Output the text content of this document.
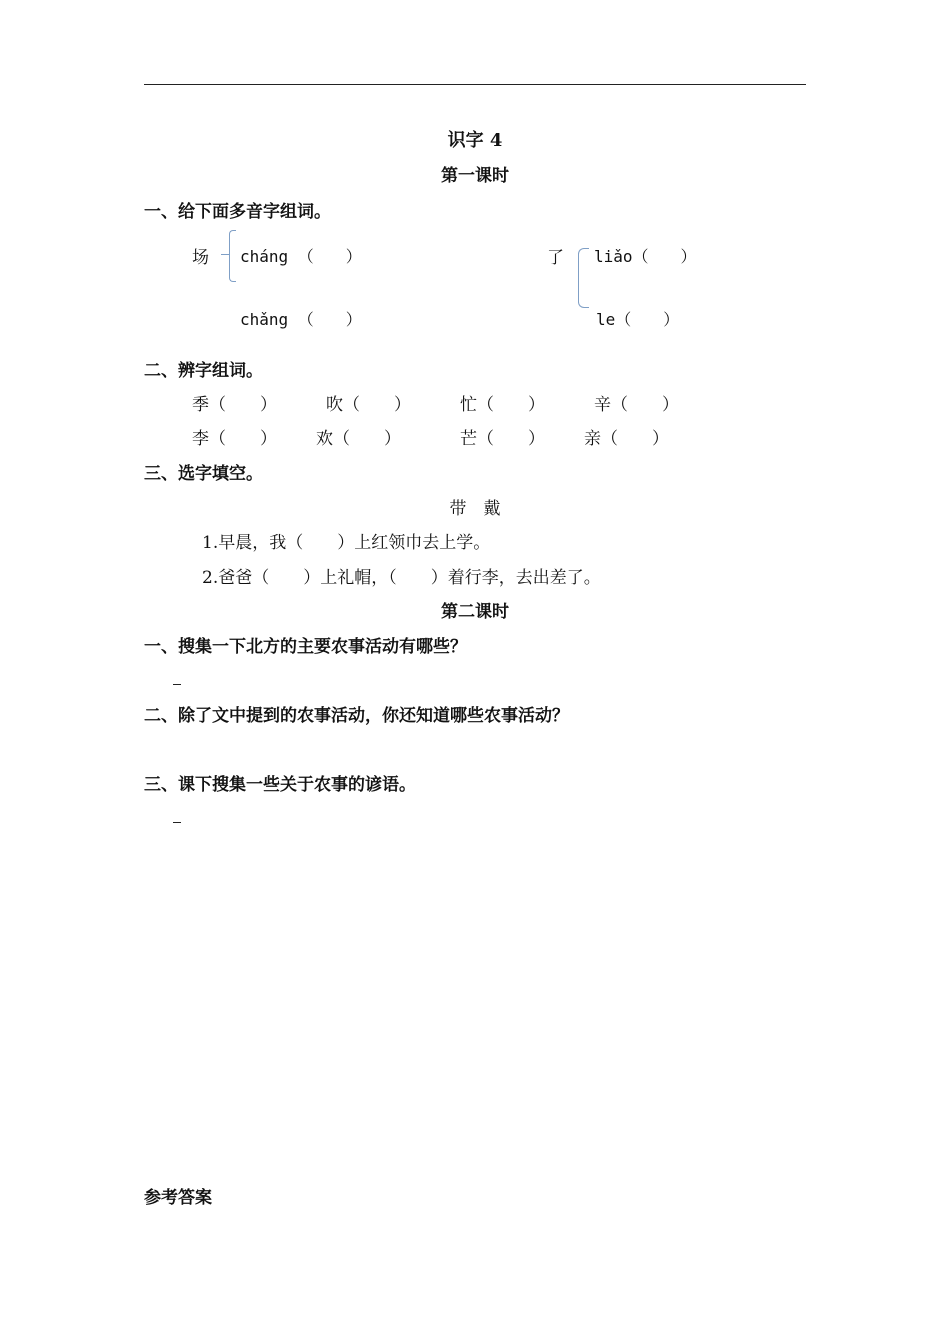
识字 4
第一课时
一、给下面多音字组词。
场 cháng （　　）
chǎng （　　）
了 liǎo（　　）
le（　　）
二、辨字组词。
季（　　）	吹（　　）	忙（　　）	辛（　　）
李（　　） 欢（　　）	芒（　　） 亲（　　）
三、选字填空。
带　戴
1.早晨，我（　　）上红领巾去上学。
2.爸爸（　　）上礼帽，（　　）着行李，去出差了。
第二课时
一、搜集一下北方的主要农事活动有哪些？
二、除了文中提到的农事活动，你还知道哪些农事活动？
三、课下搜集一些关于农事的谚语。
参考答案
